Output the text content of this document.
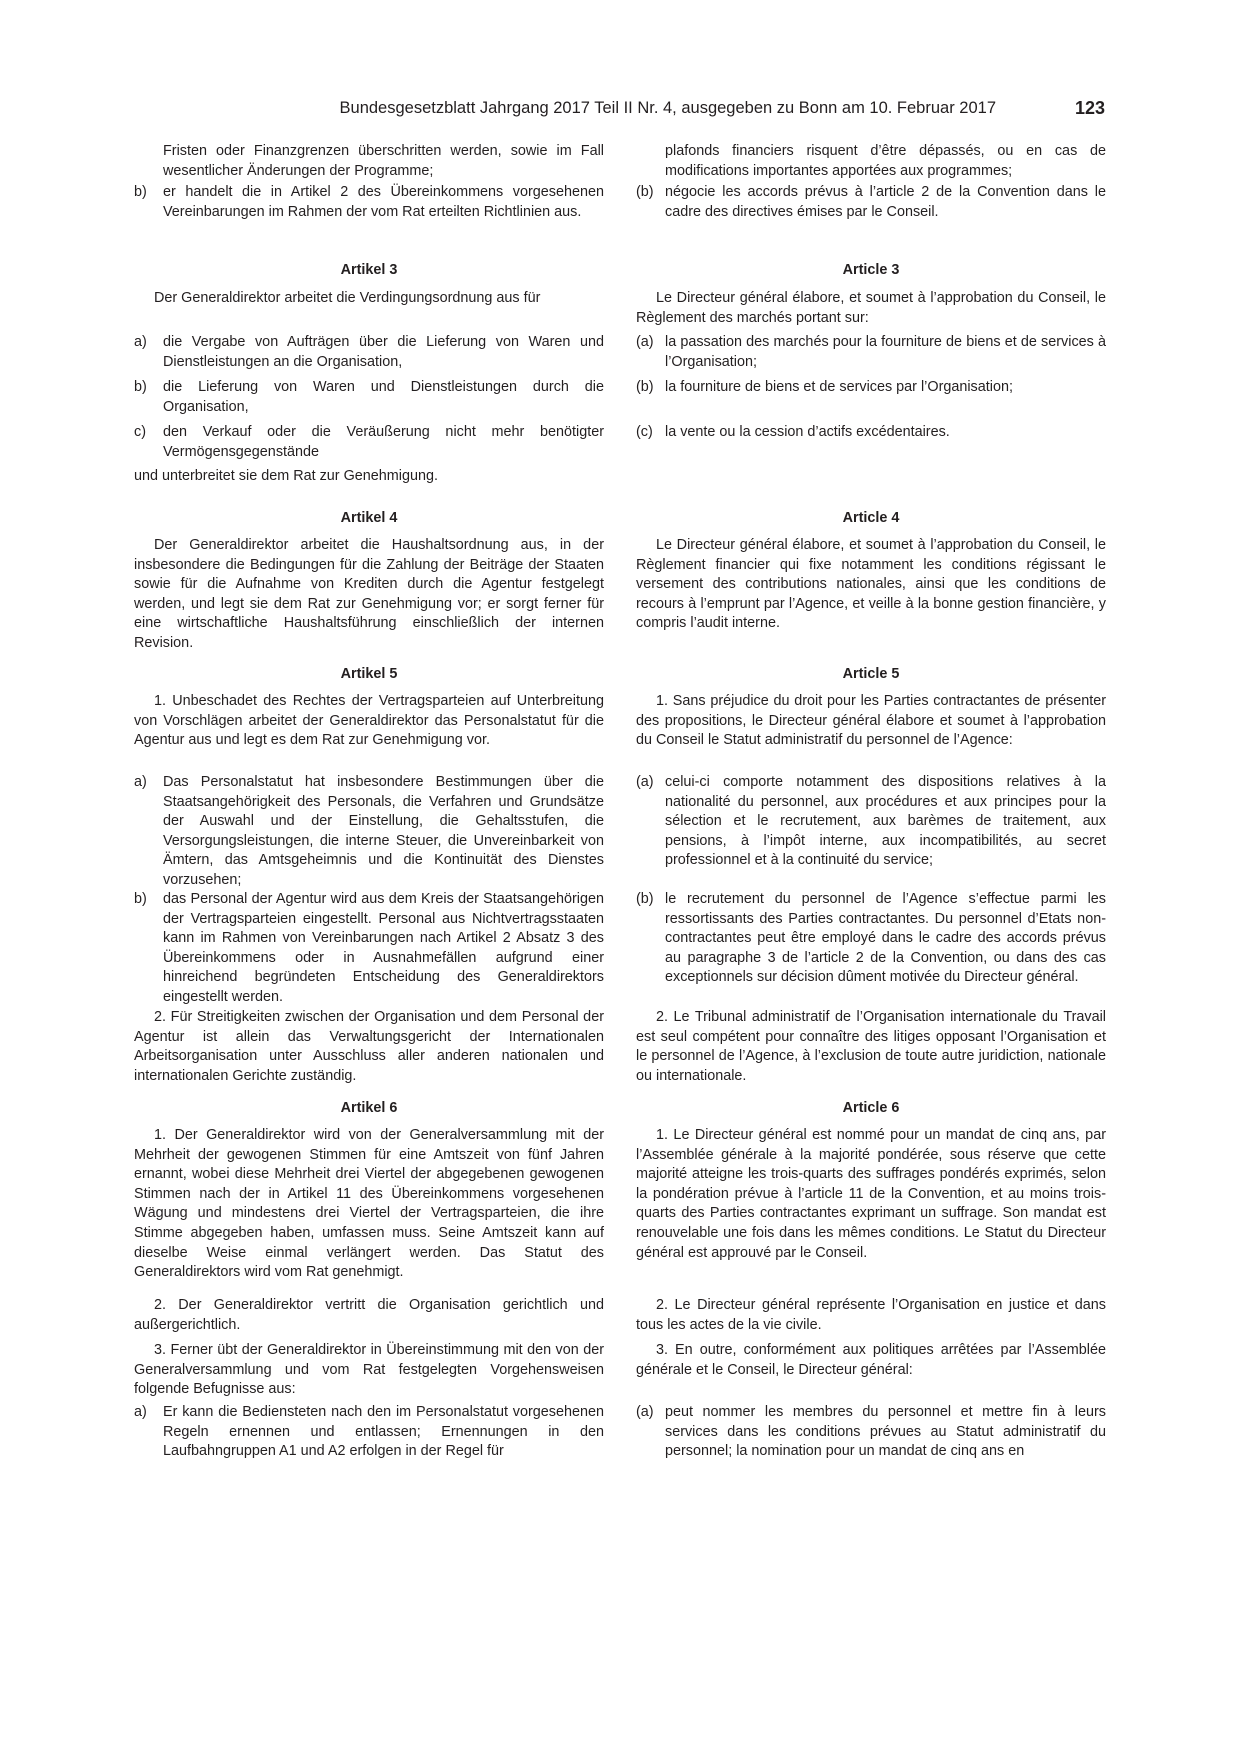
Bundesgesetzblatt Jahrgang 2017 Teil II Nr. 4, ausgegeben zu Bonn am 10. Februar 2017	123

Fristen oder Finanzgrenzen überschritten werden, sowie im Fall wesentlicher Änderungen der Programme;

b) er handelt die in Artikel 2 des Übereinkommens vorgesehenen Vereinbarungen im Rahmen der vom Rat erteilten Richtlinien aus.

Artikel 3

Der Generaldirektor arbeitet die Verdingungsordnung aus für

a) die Vergabe von Aufträgen über die Lieferung von Waren und Dienstleistungen an die Organisation,
b) die Lieferung von Waren und Dienstleistungen durch die Organisation,
c) den Verkauf oder die Veräußerung nicht mehr benötigter Vermögensgegenstände

und unterbreitet sie dem Rat zur Genehmigung.

Artikel 4

Der Generaldirektor arbeitet die Haushaltsordnung aus, in der insbesondere die Bedingungen für die Zahlung der Beiträge der Staaten sowie für die Aufnahme von Krediten durch die Agentur festgelegt werden, und legt sie dem Rat zur Genehmigung vor; er sorgt ferner für eine wirtschaftliche Haushaltsführung einschließlich der internen Revision.

Artikel 5

1. Unbeschadet des Rechtes der Vertragsparteien auf Unterbreitung von Vorschlägen arbeitet der Generaldirektor das Personalstatut für die Agentur aus und legt es dem Rat zur Genehmigung vor.

a) Das Personalstatut hat insbesondere Bestimmungen über die Staatsangehörigkeit des Personals, die Verfahren und Grundsätze der Auswahl und der Einstellung, die Gehaltsstufen, die Versorgungsleistungen, die interne Steuer, die Unvereinbarkeit von Ämtern, das Amtsgeheimnis und die Kontinuität des Dienstes vorzusehen;
b) das Personal der Agentur wird aus dem Kreis der Staatsangehörigen der Vertragsparteien eingestellt. Personal aus Nichtvertragsstaaten kann im Rahmen von Vereinbarungen nach Artikel 2 Absatz 3 des Übereinkommens oder in Ausnahmefällen aufgrund einer hinreichend begründeten Entscheidung des Generaldirektors eingestellt werden.

2. Für Streitigkeiten zwischen der Organisation und dem Personal der Agentur ist allein das Verwaltungsgericht der Internationalen Arbeitsorganisation unter Ausschluss aller anderen nationalen und internationalen Gerichte zuständig.

Artikel 6

1. Der Generaldirektor wird von der Generalversammlung mit der Mehrheit der gewogenen Stimmen für eine Amtszeit von fünf Jahren ernannt, wobei diese Mehrheit drei Viertel der abgegebenen gewogenen Stimmen nach der in Artikel 11 des Übereinkommens vorgesehenen Wägung und mindestens drei Viertel der Vertragsparteien, die ihre Stimme abgegeben haben, umfassen muss. Seine Amtszeit kann auf dieselbe Weise einmal verlängert werden. Das Statut des Generaldirektors wird vom Rat genehmigt.

2. Der Generaldirektor vertritt die Organisation gerichtlich und außergerichtlich.

3. Ferner übt der Generaldirektor in Übereinstimmung mit den von der Generalversammlung und vom Rat festgelegten Vorgehensweisen folgende Befugnisse aus:

a) Er kann die Bediensteten nach den im Personalstatut vorgesehenen Regeln ernennen und entlassen; Ernennungen in den Laufbahngruppen A1 und A2 erfolgen in der Regel für

plafonds financiers risquent d’être dépassés, ou en cas de modifications importantes apportées aux programmes;

(b) négocie les accords prévus à l’article 2 de la Convention dans le cadre des directives émises par le Conseil.

Article 3

Le Directeur général élabore, et soumet à l’approbation du Conseil, le Règlement des marchés portant sur:

(a) la passation des marchés pour la fourniture de biens et de services à l’Organisation;
(b) la fourniture de biens et de services par l’Organisation;
(c) la vente ou la cession d’actifs excédentaires.

Article 4

Le Directeur général élabore, et soumet à l’approbation du Conseil, le Règlement financier qui fixe notamment les conditions régissant le versement des contributions nationales, ainsi que les conditions de recours à l’emprunt par l’Agence, et veille à la bonne gestion financière, y compris l’audit interne.

Article 5

1. Sans préjudice du droit pour les Parties contractantes de présenter des propositions, le Directeur général élabore et soumet à l’approbation du Conseil le Statut administratif du personnel de l’Agence:

(a) celui-ci comporte notamment des dispositions relatives à la nationalité du personnel, aux procédures et aux principes pour la sélection et le recrutement, aux barèmes de traitement, aux pensions, à l’impôt interne, aux incompatibilités, au secret professionnel et à la continuité du service;
(b) le recrutement du personnel de l’Agence s’effectue parmi les ressortissants des Parties contractantes. Du personnel d’Etats non-contractantes peut être employé dans le cadre des accords prévus au paragraphe 3 de l’article 2 de la Convention, ou dans des cas exceptionnels sur décision dûment motivée du Directeur général.

2. Le Tribunal administratif de l’Organisation internationale du Travail est seul compétent pour connaître des litiges opposant l’Organisation et le personnel de l’Agence, à l’exclusion de toute autre juridiction, nationale ou internationale.

Article 6

1. Le Directeur général est nommé pour un mandat de cinq ans, par l’Assemblée générale à la majorité pondérée, sous réserve que cette majorité atteigne les trois-quarts des suffrages pondérés exprimés, selon la pondération prévue à l’article 11 de la Convention, et au moins trois-quarts des Parties contractantes exprimant un suffrage. Son mandat est renouvelable une fois dans les mêmes conditions. Le Statut du Directeur général est approuvé par le Conseil.

2. Le Directeur général représente l’Organisation en justice et dans tous les actes de la vie civile.

3. En outre, conformément aux politiques arrêtées par l’Assemblée générale et le Conseil, le Directeur général:

(a) peut nommer les membres du personnel et mettre fin à leurs services dans les conditions prévues au Statut administratif du personnel; la nomination pour un mandat de cinq ans en
